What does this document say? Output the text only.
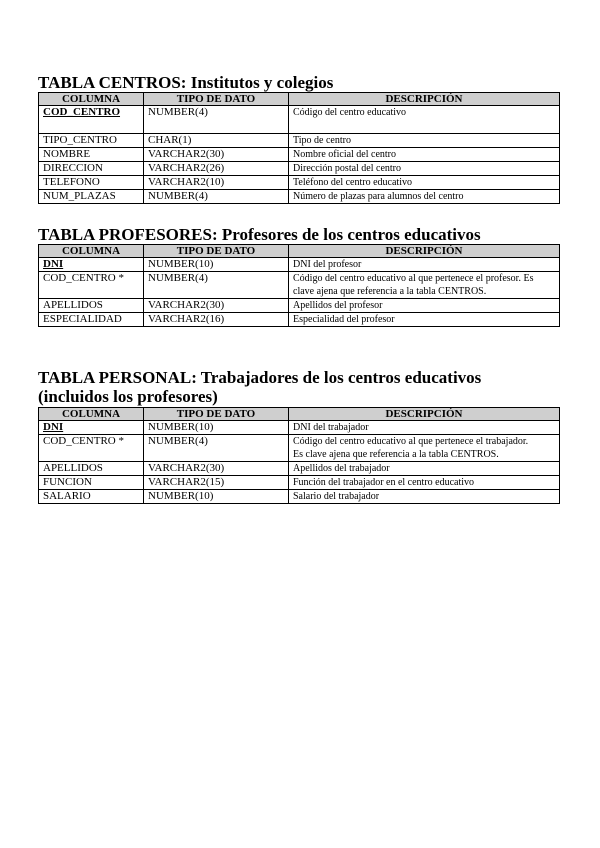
TABLA CENTROS: Institutos y colegios
COLUMNA	TIPO DE DATO	DESCRIPCIÓN
COD_CENTRO	NUMBER(4)	Código del centro educativo
TIPO_CENTRO	CHAR(1)	Tipo de centro
NOMBRE	VARCHAR2(30)	Nombre oficial del centro
DIRECCION	VARCHAR2(26)	Dirección postal del centro
TELEFONO	VARCHAR2(10)	Teléfono del centro educativo
NUM_PLAZAS	NUMBER(4)	Número de plazas para alumnos del centro
TABLA PROFESORES: Profesores de los centros educativos
COLUMNA	TIPO DE DATO	DESCRIPCIÓN
DNI	NUMBER(10)	DNI del profesor
COD_CENTRO *	NUMBER(4)	Código del centro educativo al que pertenece el profesor. Es clave ajena que referencia a la tabla CENTROS.
APELLIDOS	VARCHAR2(30)	Apellidos del profesor
ESPECIALIDAD	VARCHAR2(16)	Especialidad del profesor
TABLA PERSONAL: Trabajadores de los centros educativos
(incluidos los profesores)
COLUMNA	TIPO DE DATO	DESCRIPCIÓN
DNI	NUMBER(10)	DNI del trabajador
COD_CENTRO *	NUMBER(4)	Código del centro educativo al que pertenece el trabajador. Es clave ajena que referencia a la tabla CENTROS.
APELLIDOS	VARCHAR2(30)	Apellidos del trabajador
FUNCION	VARCHAR2(15)	Función del trabajador en el centro educativo
SALARIO	NUMBER(10)	Salario del trabajador
